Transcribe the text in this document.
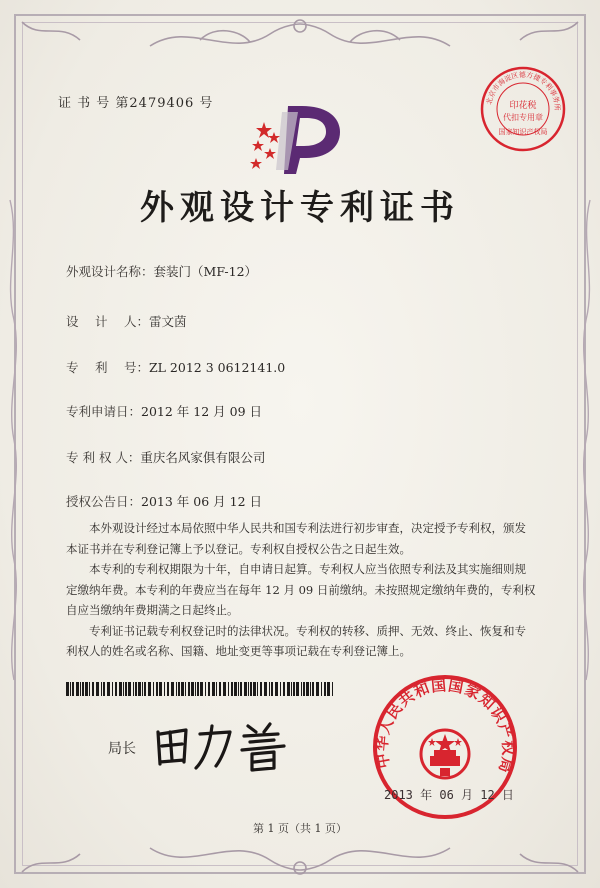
证 书 号 第2479406 号
外观设计专利证书
外观设计名称：套装门（MF-12）
设　 计　 人：雷文茵
专　 利　 号：ZL 2012 3 0612141.0
专利申请日：2012 年 12 月 09 日
专 利 权 人：重庆名风家俱有限公司
授权公告日：2013 年 06 月 12 日

本外观设计经过本局依照中华人民共和国专利法进行初步审查，决定授予专利权，颁发本证书并在专利登记簿上予以登记。专利权自授权公告之日起生效。

本专利的专利权期限为十年，自申请日起算。专利权人应当依照专利法及其实施细则规定缴纳年费。本专利的年费应当在每年 12 月 09 日前缴纳。未按照规定缴纳年费的，专利权自应当缴纳年费期满之日起终止。

专利证书记载专利权登记时的法律状况。专利权的转移、质押、无效、终止、恢复和专利权人的姓名或名称、国籍、地址变更等事项记载在专利登记簿上。

局长
北京市海淀区德方捷专利事务所
印花税
代扣专用章
国家知识产权局
中华人民共和国国家知识产权局
2013 年 06 月 12 日
第 1 页（共 1 页）
